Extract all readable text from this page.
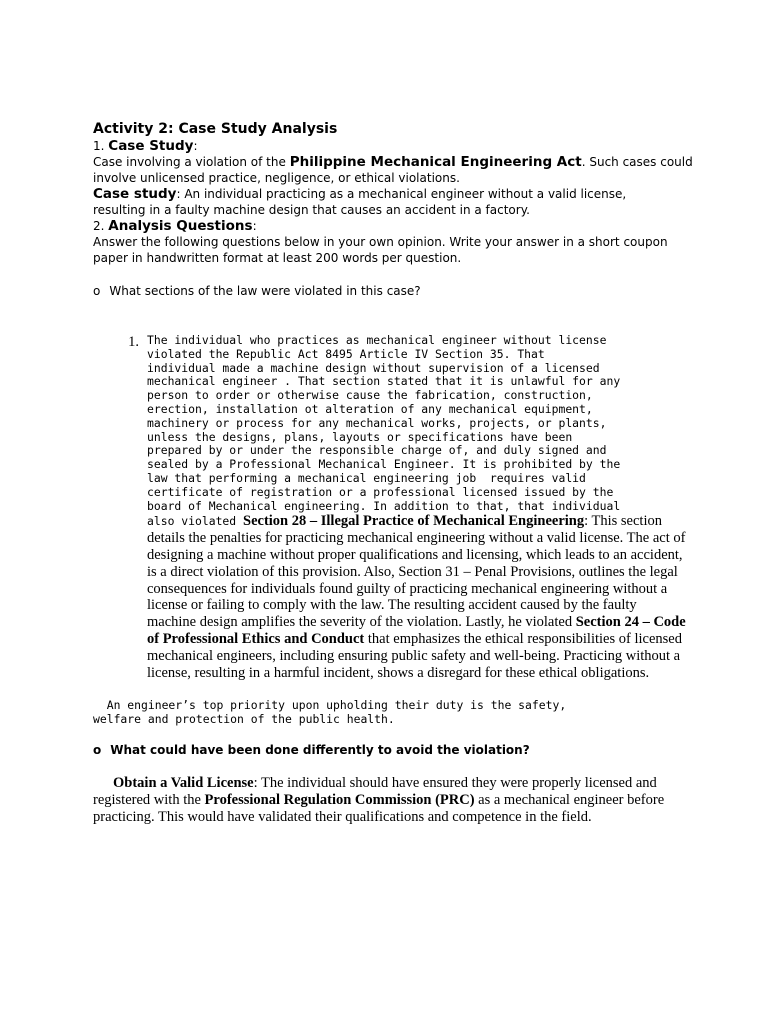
Activity 2: Case Study Analysis

1. Case Study:

Case involving a violation of the Philippine Mechanical Engineering Act. Such cases could

involve unlicensed practice, negligence, or ethical violations.

Case study: An individual practicing as a mechanical engineer without a valid license,

resulting in a faulty machine design that causes an accident in a factory.

2. Analysis Questions:

Answer the following questions below in your own opinion. Write your answer in a short coupon

paper in handwritten format at least 200 words per question.

o What sections of the law were violated in this case?
1. The individual who practices as mechanical engineer without license
violated the Republic Act 8495 Article IV Section 35. That
individual made a machine design without supervision of a licensed
mechanical engineer . That section stated that it is unlawful for any
person to order or otherwise cause the fabrication, construction,
erection, installation ot alteration of any mechanical equipment,
machinery or process for any mechanical works, projects, or plants,
unless the designs, plans, layouts or specifications have been
prepared by or under the responsible charge of, and duly signed and
sealed by a Professional Mechanical Engineer. It is prohibited by the
law that performing a mechanical engineering job  requires valid
certificate of registration or a professional licensed issued by the
board of Mechanical engineering. In addition to that, that individual
also violated Section 28 – Illegal Practice of Mechanical Engineering: This section details the penalties for practicing mechanical engineering without a valid license. The act of designing a machine without proper qualifications and licensing, which leads to an accident, is a direct violation of this provision. Also, Section 31 – Penal Provisions, outlines the legal consequences for individuals found guilty of practicing mechanical engineering without a license or failing to comply with the law. The resulting accident caused by the faulty machine design amplifies the severity of the violation. Lastly, he violated Section 24 – Code of Professional Ethics and Conduct that emphasizes the ethical responsibilities of licensed mechanical engineers, including ensuring public safety and well-being. Practicing without a license, resulting in a harmful incident, shows a disregard for these ethical obligations.
An engineer’s top priority upon upholding their duty is the safety,
welfare and protection of the public health.
o What could have been done differently to avoid the violation?

Obtain a Valid License: The individual should have ensured they were properly licensed and registered with the Professional Regulation Commission (PRC) as a mechanical engineer before practicing. This would have validated their qualifications and competence in the field.
